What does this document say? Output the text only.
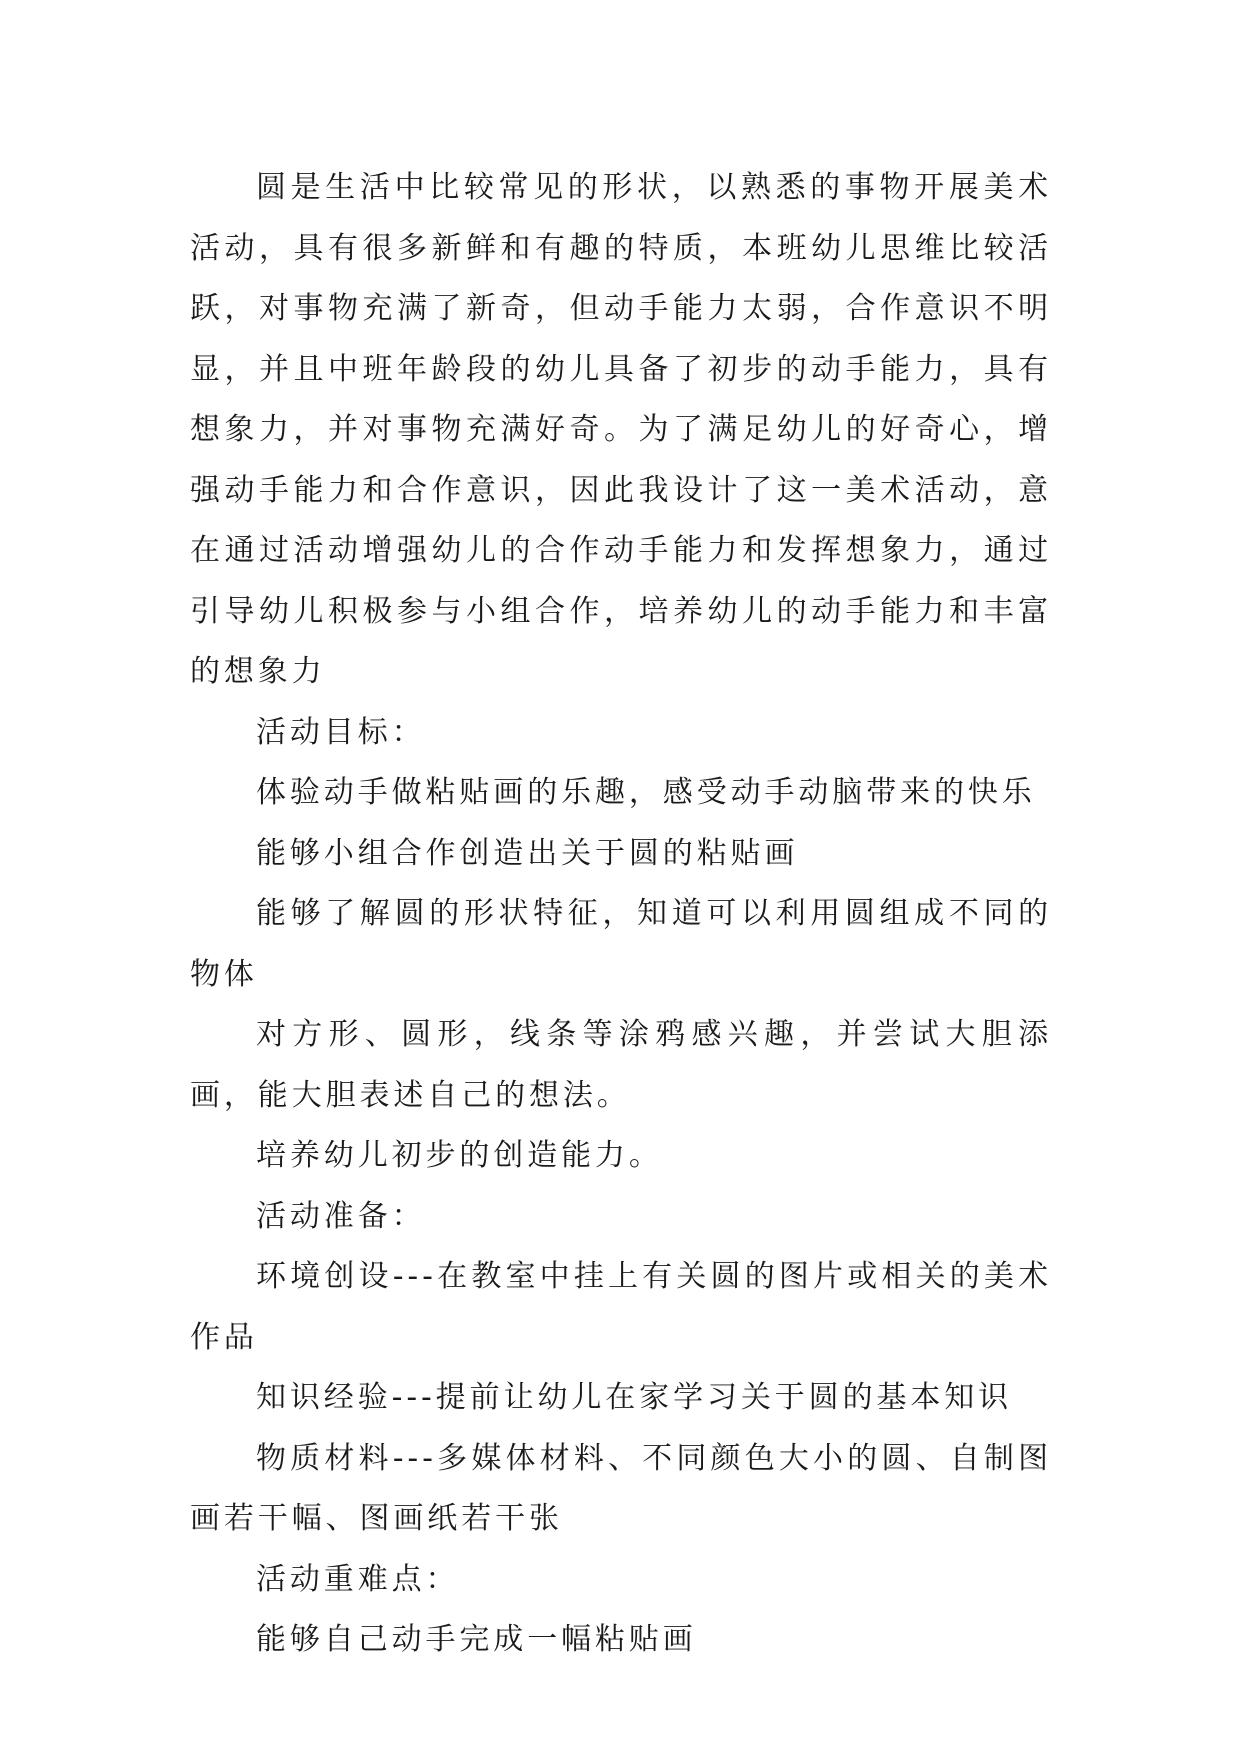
圆是生活中比较常见的形状，以熟悉的事物开展美术活动，具有很多新鲜和有趣的特质，本班幼儿思维比较活跃，对事物充满了新奇，但动手能力太弱，合作意识不明显，并且中班年龄段的幼儿具备了初步的动手能力，具有想象力，并对事物充满好奇。为了满足幼儿的好奇心，增强动手能力和合作意识，因此我设计了这一美术活动，意在通过活动增强幼儿的合作动手能力和发挥想象力，通过引导幼儿积极参与小组合作，培养幼儿的动手能力和丰富的想象力

活动目标：

体验动手做粘贴画的乐趣，感受动手动脑带来的快乐

能够小组合作创造出关于圆的粘贴画

能够了解圆的形状特征，知道可以利用圆组成不同的物体

对方形、圆形，线条等涂鸦感兴趣，并尝试大胆添画，能大胆表述自己的想法。

培养幼儿初步的创造能力。

活动准备：

环境创设---在教室中挂上有关圆的图片或相关的美术作品

知识经验---提前让幼儿在家学习关于圆的基本知识

物质材料---多媒体材料、不同颜色大小的圆、自制图画若干幅、图画纸若干张

活动重难点：

能够自己动手完成一幅粘贴画
